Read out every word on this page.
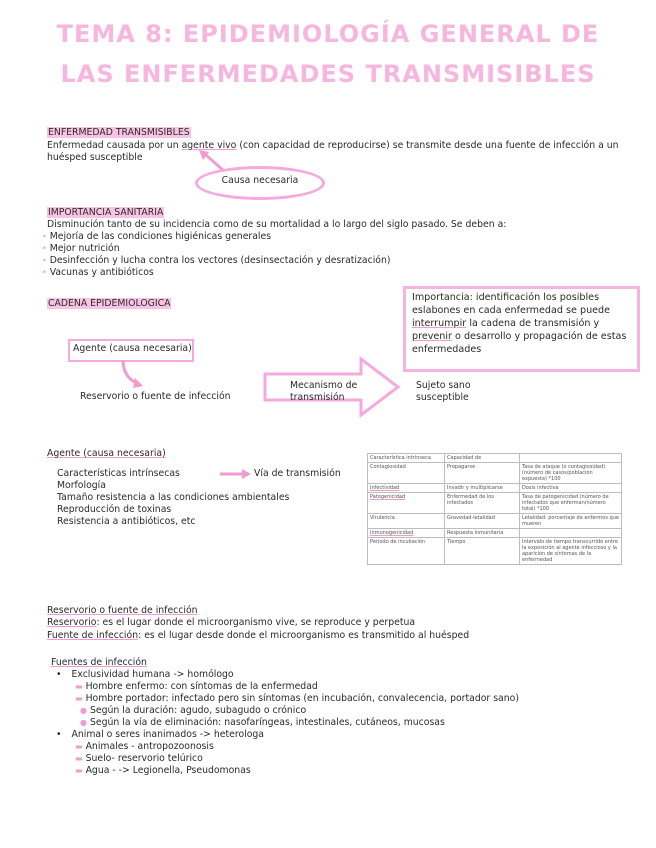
TEMA 8: EPIDEMIOLOGÍA GENERAL DE
LAS ENFERMEDADES TRANSMISIBLES
ENFERMEDAD TRANSMISIBLES
Enfermedad causada por un agente vivo (con capacidad de reproducirse) se transmite desde una fuente de infección a un
huésped susceptible
Causa necesaria
IMPORTANCIA SANITARIA
Disminución tanto de su incidencia como de su mortalidad a lo largo del siglo pasado. Se deben a:
• Mejoría de las condiciones higiénicas generales
• Mejor nutrición
• Desinfección y lucha contra los vectores (desinsectación y desratización)
• Vacunas y antibióticos
CADENA EPIDEMIOLOGICA
Importancia: identificación los posibles
eslabones en cada enfermedad se puede
interrumpir la cadena de transmisión y
prevenir o desarrollo y propagación de estas
enfermedades
Agente (causa necesaria)
Reservorio o fuente de infección
Mecanismo de
transmisión
Sujeto sano
susceptible
Agente (causa necesaria)
Características intrínsecas	Vía de transmisión
Morfología
Tamaño resistencia a las condiciones ambientales
Reproducción de toxinas
Resistencia a antibióticos, etc
Característica intrínseca	Capacidad de	
Contagiosidad	Propagarse	Tasa de ataque (o contagiosidad) (número de casos/población expuesta) *100
Infectividad	Invadir y multiplicarse	Dosis infectiva
Patogenicidad	Enfermedad de los infectados	Tasa de patogenicidad (número de infectados que enferman/número total) *100
Virulencia	Gravedad-letalidad	Letalidad: porcentaje de enfermos que mueren
Inmunogenicidad	Respuesta inmunitaria	
Periodo de incubación	Tiempo	Intervalo de tiempo transcurrido entre la exposición al agente infeccioso y la aparición de síntomas de la enfermedad
Reservorio o fuente de infección
Reservorio: es el lugar donde el microorganismo vive, se reproduce y perpetua
Fuente de infección: es el lugar desde donde el microorganismo es transmitido al huésped
Fuentes de infección
• Exclusividad humana -> homólogo
▬ Hombre enfermo: con síntomas de la enfermedad
▬ Hombre portador: infectado pero sin síntomas (en incubación, convalecencia, portador sano)
● Según la duración: agudo, subagudo o crónico
● Según la vía de eliminación: nasofaríngeas, intestinales, cutáneos, mucosas
• Animal o seres inanimados -> heterologa
▬ Animales - antropozoonosis
▬ Suelo- reservorio telúrico
▬ Agua - -> Legionella, Pseudomonas
